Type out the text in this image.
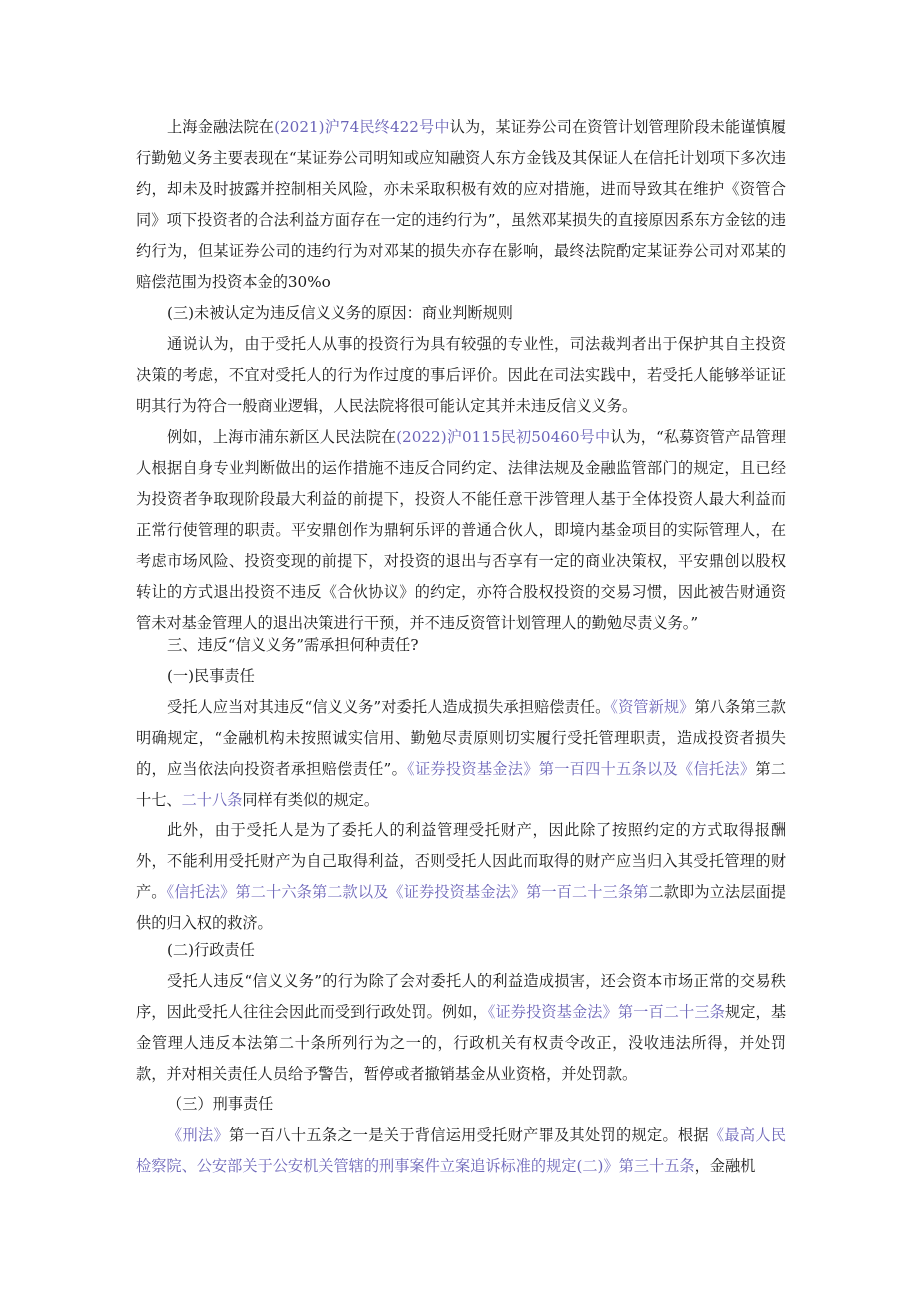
上海金融法院在(2021)沪74民终422号中认为，某证券公司在资管计划管理阶段未能谨慎履行勤勉义务主要表现在“某证券公司明知或应知融资人东方金钱及其保证人在信托计划项下多次违约，却未及时披露并控制相关风险，亦未采取积极有效的应对措施，进而导致其在维护《资管合同》项下投资者的合法利益方面存在一定的违约行为”，虽然邓某损失的直接原因系东方金铉的违约行为，但某证券公司的违约行为对邓某的损失亦存在影响，最终法院酌定某证券公司对邓某的赔偿范围为投资本金的30%o

(三)未被认定为违反信义义务的原因：商业判断规则

通说认为，由于受托人从事的投资行为具有较强的专业性，司法裁判者出于保护其自主投资决策的考虑，不宜对受托人的行为作过度的事后评价。因此在司法实践中，若受托人能够举证证明其行为符合一般商业逻辑，人民法院将很可能认定其并未违反信义义务。

例如，上海市浦东新区人民法院在(2022)沪0115民初50460号中认为，“私募资管产品管理人根据自身专业判断做出的运作措施不违反合同约定、法律法规及金融监管部门的规定，且已经为投资者争取现阶段最大利益的前提下，投资人不能任意干涉管理人基于全体投资人最大利益而正常行使管理的职责。平安鼎创作为鼎轲乐评的普通合伙人，即境内基金项目的实际管理人，在考虑市场风险、投资变现的前提下，对投资的退出与否享有一定的商业决策权，平安鼎创以股权转让的方式退出投资不违反《合伙协议》的约定，亦符合股权投资的交易习惯，因此被告财通资管未对基金管理人的退出决策进行干预，并不违反资管计划管理人的勤勉尽责义务。”

三、违反“信义义务”需承担何种责任?

(一)民事责任

受托人应当对其违反“信义义务”对委托人造成损失承担赔偿责任。《资管新规》第八条第三款明确规定，“金融机构未按照诚实信用、勤勉尽责原则切实履行受托管理职责，造成投资者损失的，应当依法向投资者承担赔偿责任”。《证券投资基金法》第一百四十五条以及《信托法》第二十七、二十八条同样有类似的规定。

此外，由于受托人是为了委托人的利益管理受托财产，因此除了按照约定的方式取得报酬外，不能利用受托财产为自己取得利益，否则受托人因此而取得的财产应当归入其受托管理的财产。《信托法》第二十六条第二款以及《证券投资基金法》第一百二十三条第二款即为立法层面提供的归入权的救济。

(二)行政责任

受托人违反“信义义务”的行为除了会对委托人的利益造成损害，还会资本市场正常的交易秩序，因此受托人往往会因此而受到行政处罚。例如，《证券投资基金法》第一百二十三条规定，基金管理人违反本法第二十条所列行为之一的，行政机关有权责令改正，没收违法所得，并处罚款，并对相关责任人员给予警告，暂停或者撤销基金从业资格，并处罚款。

（三）刑事责任

《刑法》第一百八十五条之一是关于背信运用受托财产罪及其处罚的规定。根据《最高人民检察院、公安部关于公安机关管辖的刑事案件立案追诉标准的规定(二)》第三十五条，金融机
